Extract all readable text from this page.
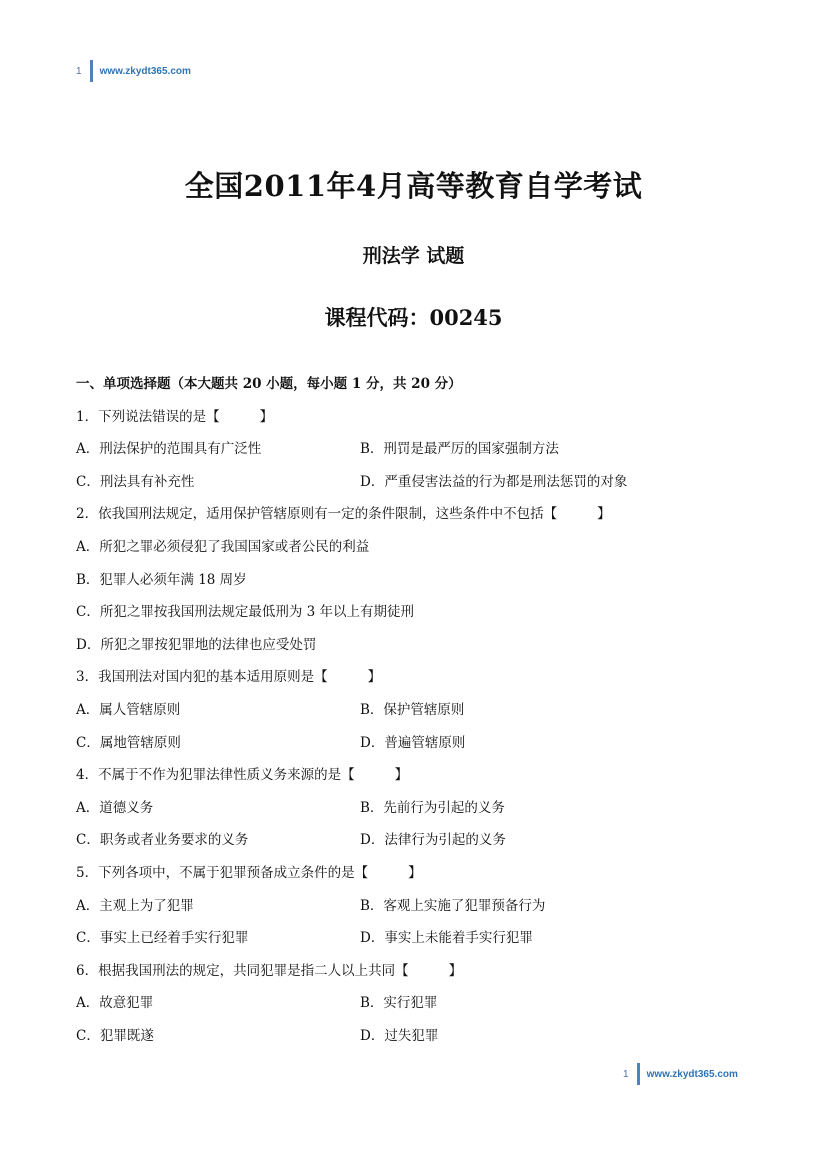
1 www.zkydt365.com
全国2011年4月高等教育自学考试
刑法学 试题
课程代码：00245
一、单项选择题（本大题共 20 小题，每小题 1 分，共 20 分）
1．下列说法错误的是【	】
A．刑法保护的范围具有广泛性	B．刑罚是最严厉的国家强制方法
C．刑法具有补充性	D．严重侵害法益的行为都是刑法惩罚的对象
2．依我国刑法规定，适用保护管辖原则有一定的条件限制，这些条件中不包括【	】
A．所犯之罪必须侵犯了我国国家或者公民的利益
B．犯罪人必须年满 18 周岁
C．所犯之罪按我国刑法规定最低刑为 3 年以上有期徒刑
D．所犯之罪按犯罪地的法律也应受处罚
3．我国刑法对国内犯的基本适用原则是【	】
A．属人管辖原则	B．保护管辖原则
C．属地管辖原则	D．普遍管辖原则
4．不属于不作为犯罪法律性质义务来源的是【	】
A．道德义务	B．先前行为引起的义务
C．职务或者业务要求的义务	D．法律行为引起的义务
5．下列各项中，不属于犯罪预备成立条件的是【	】
A．主观上为了犯罪	B．客观上实施了犯罪预备行为
C．事实上已经着手实行犯罪	D．事实上未能着手实行犯罪
6．根据我国刑法的规定，共同犯罪是指二人以上共同【	】
A．故意犯罪	B．实行犯罪
C．犯罪既遂	D．过失犯罪
1 www.zkydt365.com
